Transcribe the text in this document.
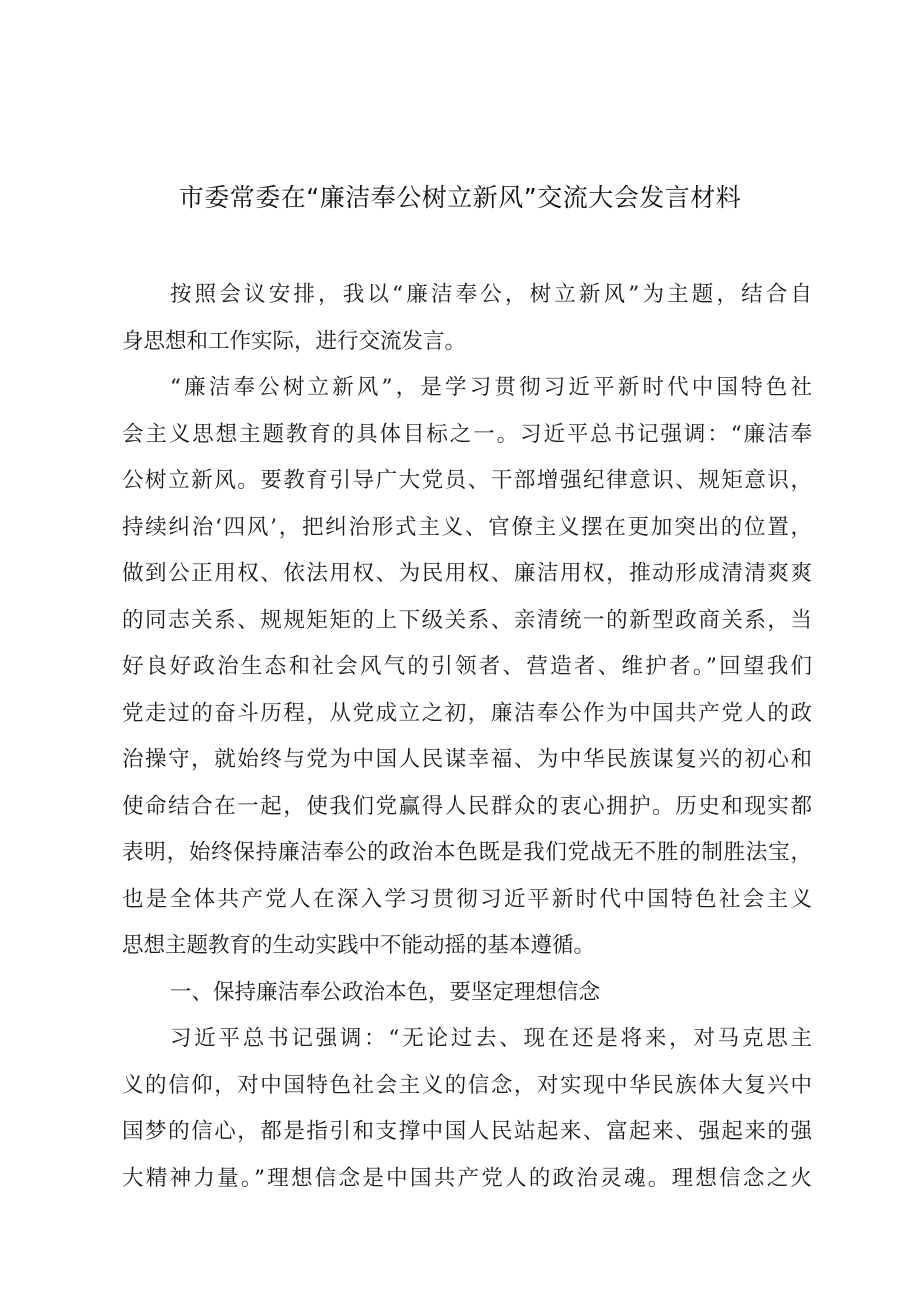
市委常委在“廉洁奉公树立新风”交流大会发言材料
按照会议安排，我以“廉洁奉公，树立新风”为主题，结合自
身思想和工作实际，进行交流发言。
“廉洁奉公树立新风”，是学习贯彻习近平新时代中国特色社
会主义思想主题教育的具体目标之一。习近平总书记强调：“廉洁奉
公树立新风。要教育引导广大党员、干部增强纪律意识、规矩意识，
持续纠治‘四风’，把纠治形式主义、官僚主义摆在更加突出的位置，
做到公正用权、依法用权、为民用权、廉洁用权，推动形成清清爽爽
的同志关系、规规矩矩的上下级关系、亲清统一的新型政商关系，当
好良好政治生态和社会风气的引领者、营造者、维护者。”回望我们
党走过的奋斗历程，从党成立之初，廉洁奉公作为中国共产党人的政
治操守，就始终与党为中国人民谋幸福、为中华民族谋复兴的初心和
使命结合在一起，使我们党赢得人民群众的衷心拥护。历史和现实都
表明，始终保持廉洁奉公的政治本色既是我们党战无不胜的制胜法宝，
也是全体共产党人在深入学习贯彻习近平新时代中国特色社会主义
思想主题教育的生动实践中不能动摇的基本遵循。
一、保持廉洁奉公政治本色，要坚定理想信念
习近平总书记强调：“无论过去、现在还是将来，对马克思主
义的信仰，对中国特色社会主义的信念，对实现中华民族体大复兴中
国梦的信心，都是指引和支撑中国人民站起来、富起来、强起来的强
大精神力量。”理想信念是中国共产党人的政治灵魂。理想信念之火
